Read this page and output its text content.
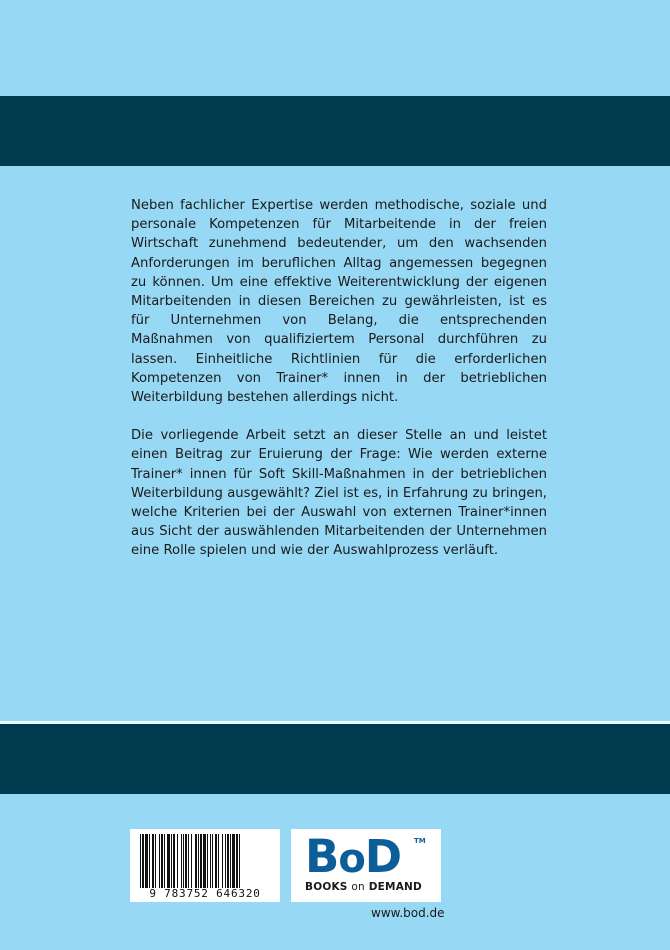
Neben fachlicher Expertise werden methodische, soziale und personale Kompetenzen für Mitarbeitende in der freien Wirtschaft zunehmend bedeutender, um den wachsenden Anforderungen im beruflichen Alltag angemessen begegnen zu können. Um eine effektive Weiterentwicklung der eigenen Mitarbeitenden in diesen Bereichen zu gewährleisten, ist es für Unternehmen von Belang, die entsprechenden Maßnahmen von qualifiziertem Personal durchführen zu lassen. Einheitliche Richtlinien für die erforderlichen Kompetenzen von Trainer* innen in der betrieblichen Weiterbildung bestehen allerdings nicht.

Die vorliegende Arbeit setzt an dieser Stelle an und leistet einen Beitrag zur Eruierung der Frage: Wie werden externe Trainer* innen für Soft Skill-Maßnahmen in der betrieblichen Weiterbildung ausgewählt? Ziel ist es, in Erfahrung zu bringen, welche Kriterien bei der Auswahl von externen Trainer*innen aus Sicht der auswählenden Mitarbeitenden der Unternehmen eine Rolle spielen und wie der Auswahlprozess verläuft.

9 783752 646320
BoD TM
BOOKS on DEMAND
www.bod.de
